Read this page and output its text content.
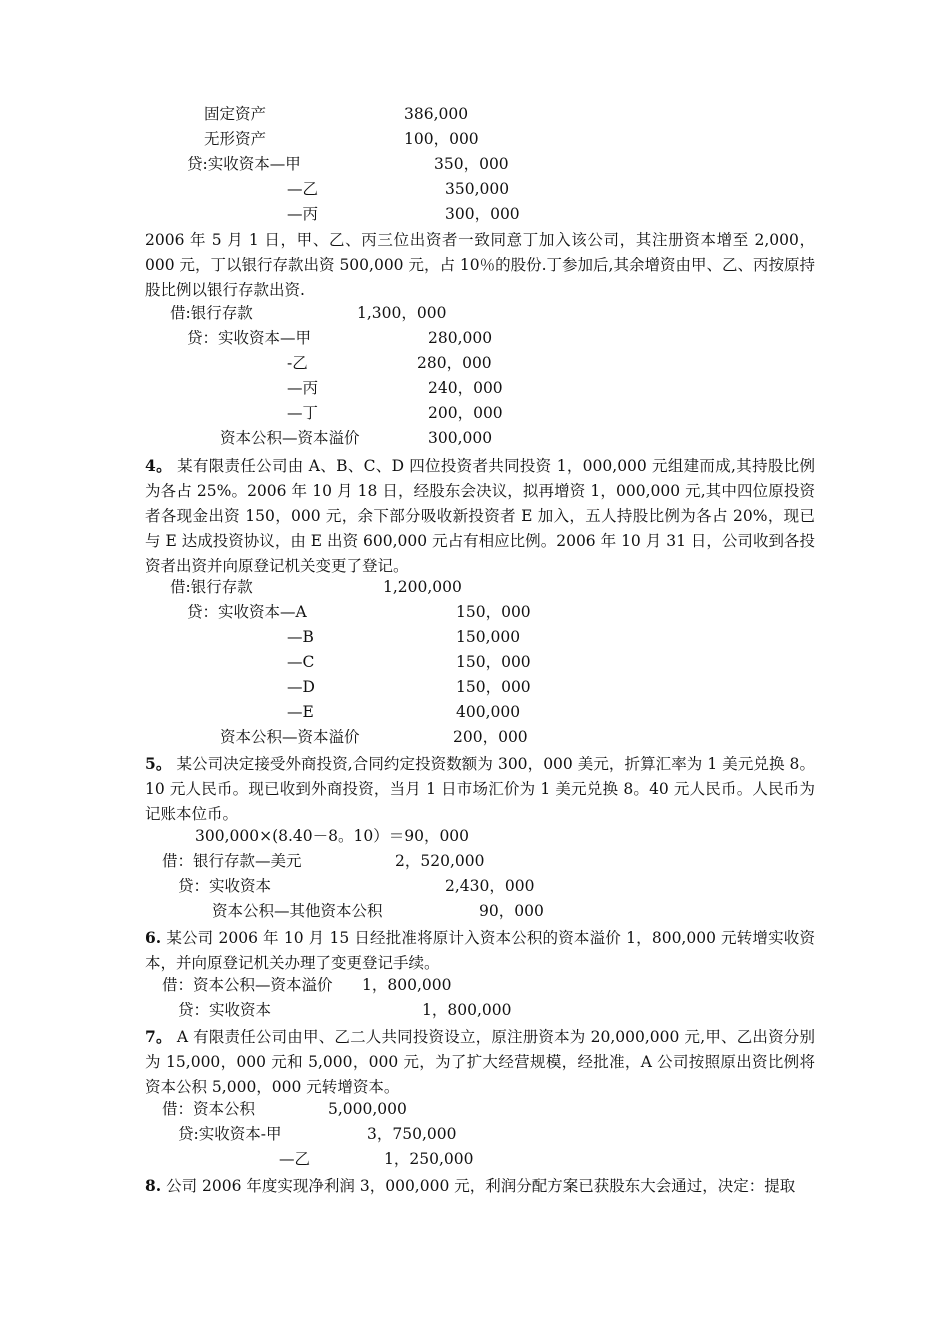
固定资产	386,000
无形资产	100，000
贷:实收资本—甲	350，000
—乙	350,000
—丙	300，000
2006 年 5 月 1 日，甲、乙、丙三位出资者一致同意丁加入该公司，其注册资本增至 2,000，000 元，丁以银行存款出资 500,000 元，占 10％的股份.丁参加后,其余增资由甲、乙、丙按原持股比例以银行存款出资.
借:银行存款	1,300，000
贷：实收资本—甲	280,000
-乙	280，000
—丙	240，000
—丁	200，000
资本公积—资本溢价	300,000
4。 某有限责任公司由 A、B、C、D 四位投资者共同投资 1，000,000 元组建而成,其持股比例为各占 25%。2006 年 10 月 18 日，经股东会决议，拟再增资 1，000,000 元,其中四位原投资者各现金出资 150，000 元，余下部分吸收新投资者 E 加入，五人持股比例为各占 20%，现已与 E 达成投资协议，由 E 出资 600,000 元占有相应比例。2006 年 10 月 31 日，公司收到各投资者出资并向原登记机关变更了登记。
借:银行存款	1,200,000
贷：实收资本—A	150，000
—B	150,000
—C	150，000
—D	150，000
—E	400,000
资本公积—资本溢价	200，000
5。 某公司决定接受外商投资,合同约定投资数额为 300，000 美元，折算汇率为 1 美元兑换 8。10 元人民币。现已收到外商投资，当月 1 日市场汇价为 1 美元兑换 8。40 元人民币。人民币为记账本位币。
300,000×(8.40－8。10）＝90，000
借：银行存款—美元	2，520,000
贷：实收资本	2,430，000
资本公积—其他资本公积	90，000
6. 某公司 2006 年 10 月 15 日经批准将原计入资本公积的资本溢价 1，800,000 元转增实收资本，并向原登记机关办理了变更登记手续。
借：资本公积—资本溢价 1，800,000
贷：实收资本	1，800,000
7。 A 有限责任公司由甲、乙二人共同投资设立，原注册资本为 20,000,000 元,甲、乙出资分别为 15,000，000 元和 5,000，000 元，为了扩大经营规模，经批准，A 公司按照原出资比例将资本公积 5,000，000 元转增资本。
借：资本公积	5,000,000
贷:实收资本-甲	3，750,000
—乙	1，250,000
8. 公司 2006 年度实现净利润 3，000,000 元，利润分配方案已获股东大会通过，决定：提取
